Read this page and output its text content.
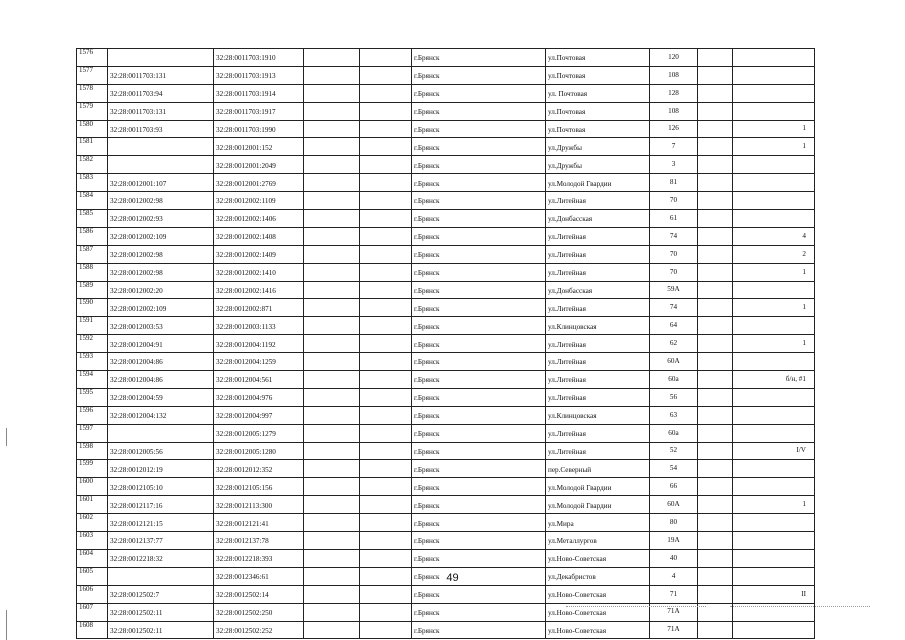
1576		32:28:0011703:1910			г.Брянск	ул.Почтовая	120		
1577	32:28:0011703:131	32:28:0011703:1913			г.Брянск	ул.Почтовая	108		
1578	32:28:0011703:94	32:28:0011703:1914			г.Брянск	ул. Почтовая	128		
1579	32:28:0011703:131	32:28:0011703:1917			г.Брянск	ул.Почтовая	108		
1580	32:28:0011703:93	32:28:0011703:1990			г.Брянск	ул.Почтовая	126		1
1581		32:28:0012001:152			г.Брянск	ул.Дружбы	7		1
1582		32:28:0012001:2049			г.Брянск	ул.Дружбы	3		
1583	32:28:0012001:107	32:28:0012001:2769			г.Брянск	ул.Молодой Гвардии	81		
1584	32:28:0012002:98	32:28:0012002:1109			г.Брянск	ул.Литейная	70		
1585	32:28:0012002:93	32:28:0012002:1406			г.Брянск	ул.Донбасская	61		
1586	32:28:0012002:109	32:28:0012002:1408			г.Брянск	ул.Литейная	74		4
1587	32:28:0012002:98	32:28:0012002:1409			г.Брянск	ул.Литейная	70		2
1588	32:28:0012002:98	32:28:0012002:1410			г.Брянск	ул.Литейная	70		1
1589	32:28:0012002:20	32:28:0012002:1416			г.Брянск	ул.Донбасская	59А		
1590	32:28:0012002:109	32:28:0012002:871			г.Брянск	ул.Литейная	74		1
1591	32:28:0012003:53	32:28:0012003:1133			г.Брянск	ул.Клинцовская	64		
1592	32:28:0012004:91	32:28:0012004:1192			г.Брянск	ул.Литейная	62		1
1593	32:28:0012004:86	32:28:0012004:1259			г.Брянск	ул.Литейная	60А		
1594	32:28:0012004:86	32:28:0012004:561			г.Брянск	ул.Литейная	60а		б/н, #1
1595	32:28:0012004:59	32:28:0012004:976			г.Брянск	ул.Литейная	56		
1596	32:28:0012004:132	32:28:0012004:997			г.Брянск	ул.Клинцовская	63		
1597		32:28:0012005:1279			г.Брянск	ул.Литейная	60а		
1598	32:28:0012005:56	32:28:0012005:1280			г.Брянск	ул.Литейная	52		I/V
1599	32:28:0012012:19	32:28:0012012:352			г.Брянск	пер.Северный	54		
1600	32:28:0012105:10	32:28:0012105:156			г.Брянск	ул.Молодой Гвардии	66		
1601	32:28:0012117:16	32:28:0012113:300			г.Брянск	ул.Молодой Гвардии	60А		1
1602	32:28:0012121:15	32:28:0012121:41			г.Брянск	ул.Мира	80		
1603	32:28:0012137:77	32:28:0012137:78			г.Брянск	ул.Металлургов	19А		
1604	32:28:0012218:32	32:28:0012218:393			г.Брянск	ул.Ново-Советская	40		
1605		32:28:0012346:61			г.Брянск	ул.Декабристов	4		
1606	32:28:0012502:7	32:28:0012502:14			г.Брянск	ул.Ново-Советская	71		II
1607	32:28:0012502:11	32:28:0012502:250			г.Брянск	ул.Ново-Советская	71А		
1608	32:28:0012502:11	32:28:0012502:252			г.Брянск	ул.Ново-Советская	71А		
49
